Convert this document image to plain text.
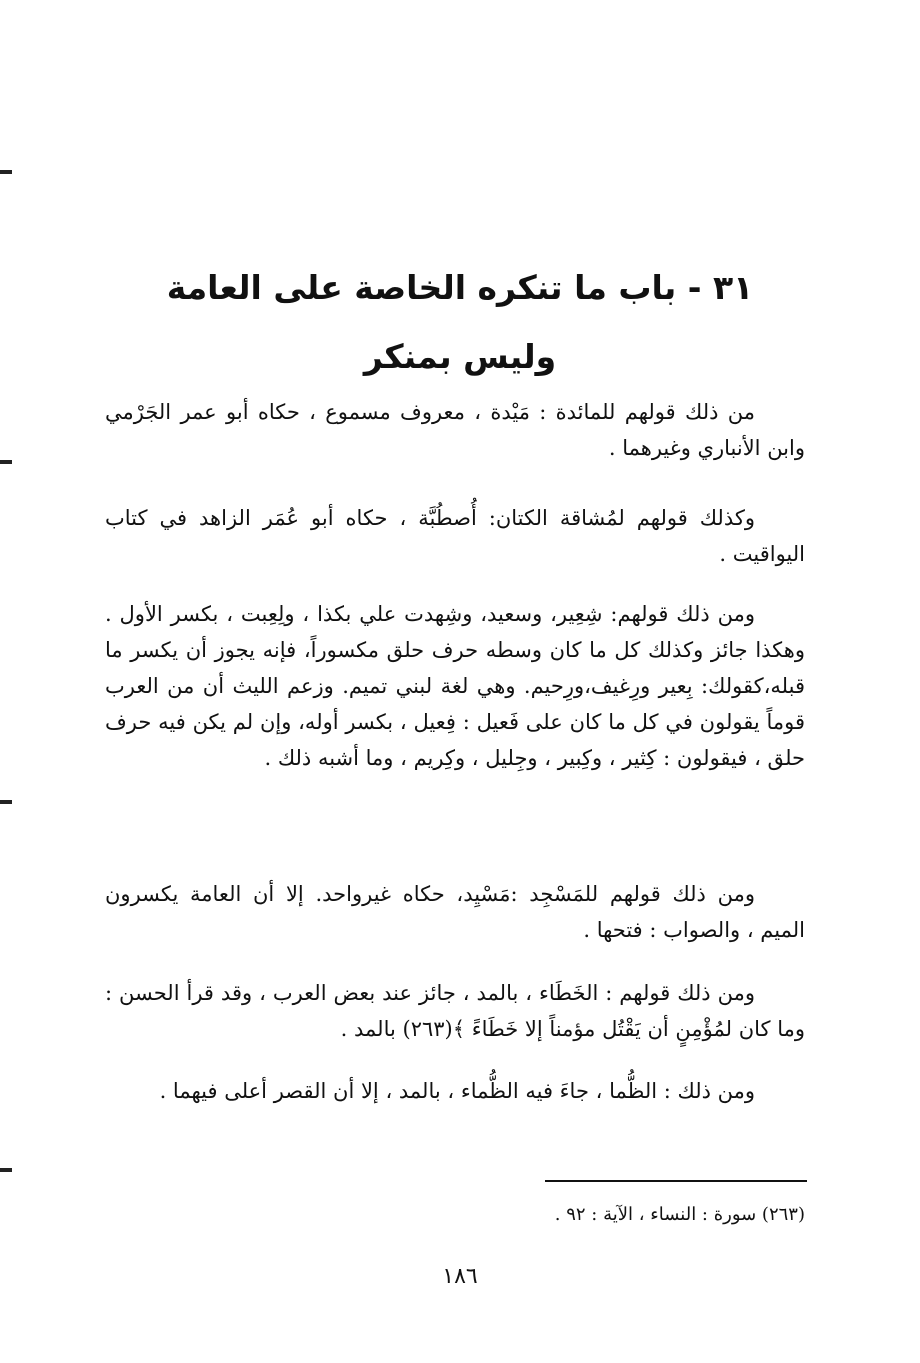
٣١ - باب ما تنكره الخاصة على العامة
وليس بمنكر

من ذلك قولهم للمائدة : مَيْدة ، معروف مسموع ، حكاه أبو عمر الجَرْمي وابن الأنباري وغيرهما .

وكذلك قولهم لمُشاقة الكتان: أُصطُبَّة ، حكاه أبو عُمَر الزاهد في كتاب اليواقيت .

ومن ذلك قولهم: شِعِير، وسعيد، وشِهدت علي بكذا ، ولِعِبت ، بكسر الأول . وهكذا جائز وكذلك كل ما كان وسطه حرف حلق مكسوراً، فإنه يجوز أن يكسر ما قبله،كقولك: بِعير ورِغيف،ورِحيم. وهي لغة لبني تميم. وزعم الليث أن من العرب قوماً يقولون في كل ما كان على فَعيل : فِعيل ، بكسر أوله، وإن لم يكن فيه حرف حلق ، فيقولون : كِثير ، وكِبير ، وجِليل ، وكِريم ، وما أشبه ذلك .

ومن ذلك قولهم للمَسْجِد :مَسْيِد، حكاه غيرواحد. إلا أن العامة يكسرون الميم ، والصواب : فتحها .

ومن ذلك قولهم : الخَطَاء ، بالمد ، جائز عند بعض العرب ، وقد قرأ الحسن : وما كان لمُؤْمِنٍ أن يَقْتُل مؤمناً إلا خَطَاءً ﴾(٢٦٣) بالمد .

ومن ذلك : الظُّما ، جاءَ فيه الظُّماء ، بالمد ، إلا أن القصر أعلى فيهما .

(٢٦٣) سورة : النساء ، الآية : ٩٢ .
١٨٦
